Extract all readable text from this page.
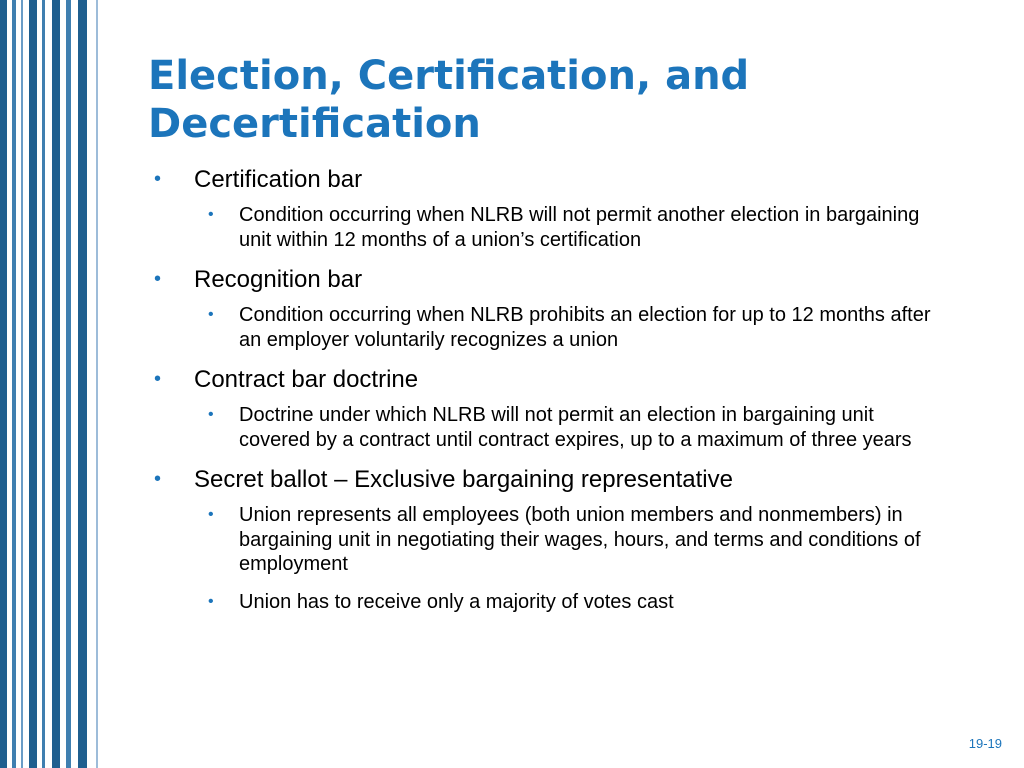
Election, Certification, and
Decertification
• Certification bar
• Condition occurring when NLRB will not permit another election in bargaining unit within 12 months of a union’s certification
• Recognition bar
• Condition occurring when NLRB prohibits an election for up to 12 months after an employer voluntarily recognizes a union
• Contract bar doctrine
• Doctrine under which NLRB will not permit an election in bargaining unit covered by a contract until contract expires, up to a maximum of three years
• Secret ballot – Exclusive bargaining representative
• Union represents all employees (both union members and nonmembers) in bargaining unit in negotiating their wages, hours, and terms and conditions of employment
• Union has to receive only a majority of votes cast
19-19
